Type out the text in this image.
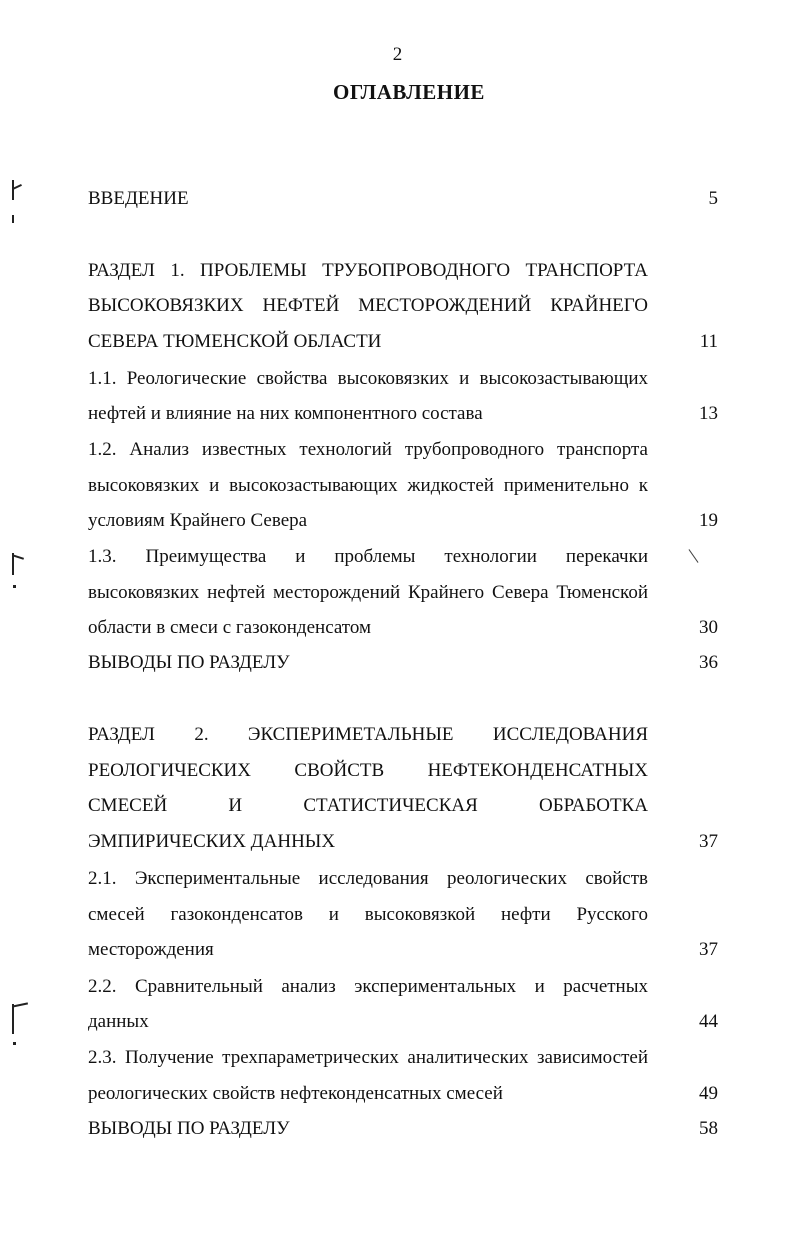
2
ОГЛАВЛЕНИЕ
ВВЕДЕНИЕ	5
РАЗДЕЛ 1. ПРОБЛЕМЫ ТРУБОПРОВОДНОГО ТРАНСПОРТА
ВЫСОКОВЯЗКИХ НЕФТЕЙ МЕСТОРОЖДЕНИЙ КРАЙНЕГО
СЕВЕРА ТЮМЕНСКОЙ ОБЛАСТИ	11
1.1. Реологические свойства высоковязких и высокозастывающих
нефтей и влияние на них компонентного состава	13
1.2. Анализ известных технологий трубопроводного транспорта
высоковязких и высокозастывающих жидкостей применительно к
условиям Крайнего Севера	19
1.3. Преимущества и проблемы технологии перекачки
высоковязких нефтей месторождений Крайнего Севера Тюменской
области в смеси с газоконденсатом	30
ВЫВОДЫ ПО РАЗДЕЛУ	36
РАЗДЕЛ 2. ЭКСПЕРИМЕТАЛЬНЫЕ ИССЛЕДОВАНИЯ
РЕОЛОГИЧЕСКИХ СВОЙСТВ НЕФТЕКОНДЕНСАТНЫХ
СМЕСЕЙ И СТАТИСТИЧЕСКАЯ ОБРАБОТКА
ЭМПИРИЧЕСКИХ ДАННЫХ	37
2.1. Экспериментальные исследования реологических свойств
смесей газоконденсатов и высоковязкой нефти Русского
месторождения	37
2.2. Сравнительный анализ экспериментальных и расчетных
данных	44
2.3. Получение трехпараметрических аналитических зависимостей
реологических свойств нефтеконденсатных смесей	49
ВЫВОДЫ ПО РАЗДЕЛУ	58
